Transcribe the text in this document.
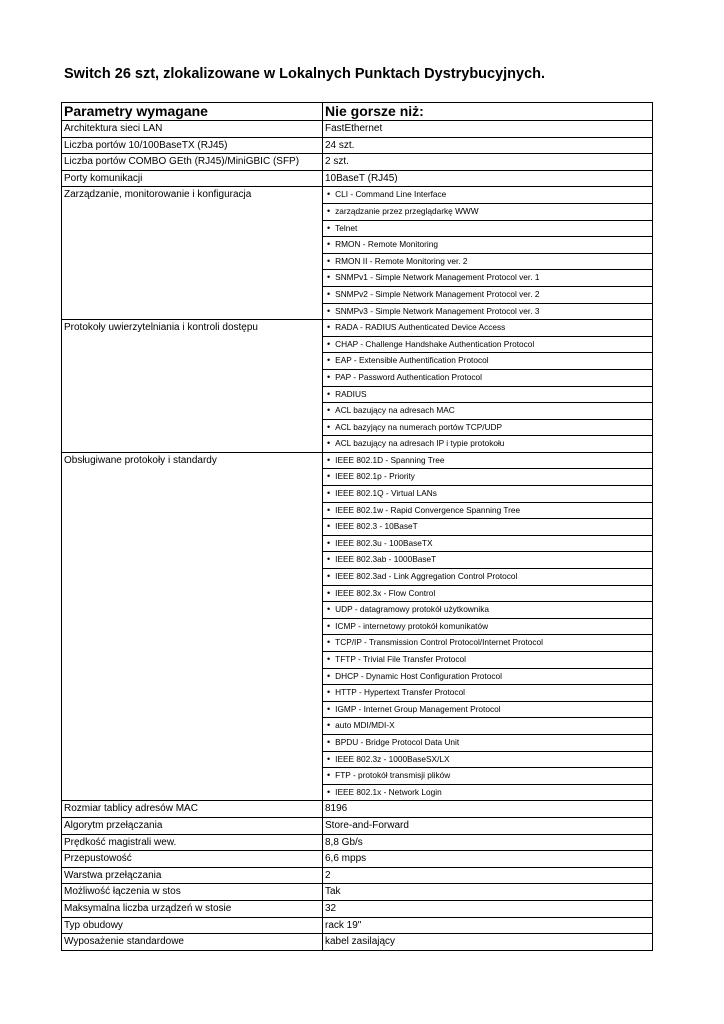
Switch 26 szt, zlokalizowane w Lokalnych Punktach Dystrybucyjnych.
Parametry wymagane	Nie gorsze niż:
Architektura sieci LAN	FastEthernet
Liczba portów 10/100BaseTX (RJ45)	24 szt.
Liczba portów COMBO GEth (RJ45)/MiniGBIC (SFP)	2 szt.
Porty komunikacji	10BaseT (RJ45)
Zarządzanie, monitorowanie i konfiguracja	• CLI - Command Line Interface
	• zarządzanie przez przeglądarkę WWW
	• Telnet
	• RMON - Remote Monitoring
	• RMON II - Remote Monitoring ver. 2
	• SNMPv1 - Simple Network Management Protocol ver. 1
	• SNMPv2 - Simple Network Management Protocol ver. 2
	• SNMPv3 - Simple Network Management Protocol ver. 3
Protokoły uwierzytelniania i kontroli dostępu	• RADA - RADIUS Authenticated Device Access
	• CHAP - Challenge Handshake Authentication Protocol
	• EAP - Extensible Authentification Protocol
	• PAP - Password Authentication Protocol
	• RADIUS
	• ACL bazujący na adresach MAC
	• ACL bazyjący na numerach portów TCP/UDP
	• ACL bazujący na adresach IP i typie protokołu
Obsługiwane protokoły i standardy	• IEEE 802.1D - Spanning Tree
	• IEEE 802.1p - Priority
	• IEEE 802.1Q - Virtual LANs
	• IEEE 802.1w - Rapid Convergence Spanning Tree
	• IEEE 802.3 - 10BaseT
	• IEEE 802.3u - 100BaseTX
	• IEEE 802.3ab - 1000BaseT
	• IEEE 802.3ad - Link Aggregation Control Protocol
	• IEEE 802.3x - Flow Control
	• UDP - datagramowy protokół użytkownika
	• ICMP - internetowy protokół komunikatów
	• TCP/IP - Transmission Control Protocol/Internet Protocol
	• TFTP - Trivial File Transfer Protocol
	• DHCP - Dynamic Host Configuration Protocol
	• HTTP - Hypertext Transfer Protocol
	• IGMP - Internet Group Management Protocol
	• auto MDI/MDI-X
	• BPDU - Bridge Protocol Data Unit
	• IEEE 802.3z - 1000BaseSX/LX
	• FTP - protokół transmisji plików
	• IEEE 802.1x - Network Login
Rozmiar tablicy adresów MAC	8196
Algorytm przełączania	Store-and-Forward
Prędkość magistrali wew.	8,8 Gb/s
Przepustowość	6,6 mpps
Warstwa przełączania	2
Możliwość łączenia w stos	Tak
Maksymalna liczba urządzeń w stosie	32
Typ obudowy	rack 19"
Wyposażenie standardowe	kabel zasilający
